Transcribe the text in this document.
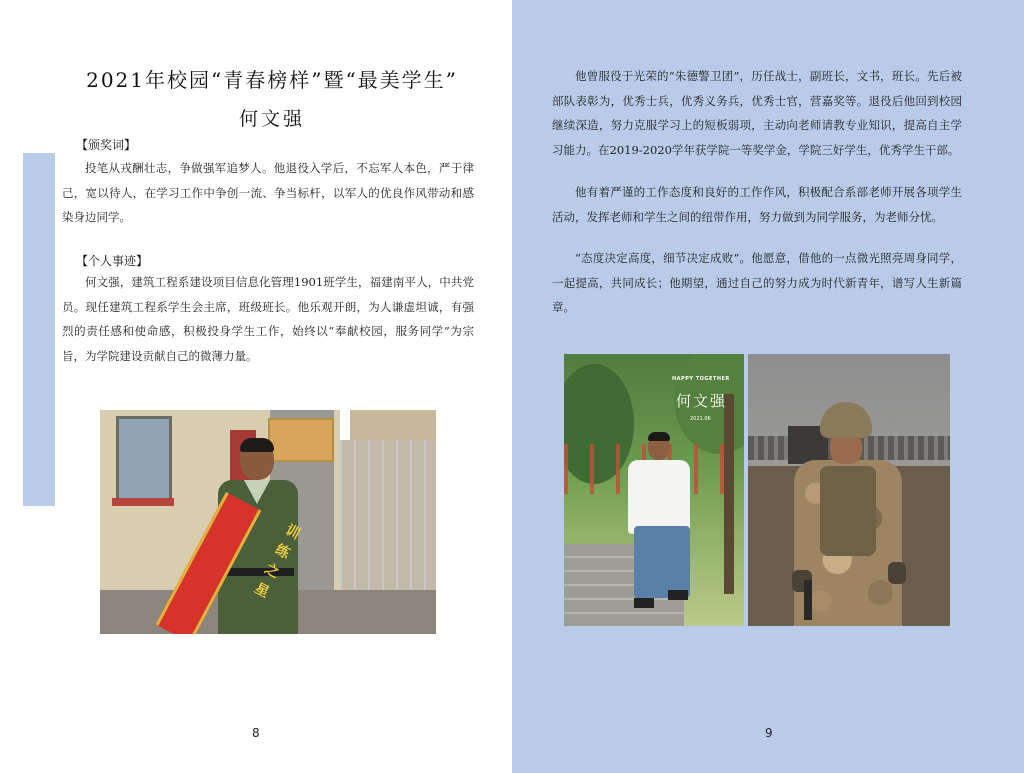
2021年校园“青春榜样”暨“最美学生”
何文强
【颁奖词】
投笔从戎酬壮志，争做强军追梦人。他退役入学后，不忘军人本色，严于律己，宽以待人，在学习工作中争创一流、争当标杆，以军人的优良作风带动和感染身边同学。
【个人事迹】
何文强，建筑工程系建设项目信息化管理1901班学生，福建南平人，中共党员。现任建筑工程系学生会主席，班级班长。他乐观开朗，为人谦虚坦诚，有强烈的责任感和使命感，积极投身学生工作，始终以“奉献校园，服务同学”为宗旨，为学院建设贡献自己的微薄力量。
训练之星
8
他曾服役于光荣的“朱德警卫团”，历任战士，副班长，文书，班长。先后被部队表彰为，优秀士兵，优秀义务兵，优秀士官，营嘉奖等。退役后他回到校园继续深造，努力克服学习上的短板弱项，主动向老师请教专业知识，提高自主学习能力。在2019-2020学年获学院一等奖学金，学院三好学生，优秀学生干部。
他有着严谨的工作态度和良好的工作作风，积极配合系部老师开展各项学生活动，发挥老师和学生之间的纽带作用，努力做到为同学服务，为老师分忧。
“态度决定高度，细节决定成败”。他愿意，借他的一点微光照亮周身同学，一起提高，共同成长；他期望，通过自己的努力成为时代新青年，谱写人生新篇章。
HAPPY TOGETHER
何文强
2021.06
9
